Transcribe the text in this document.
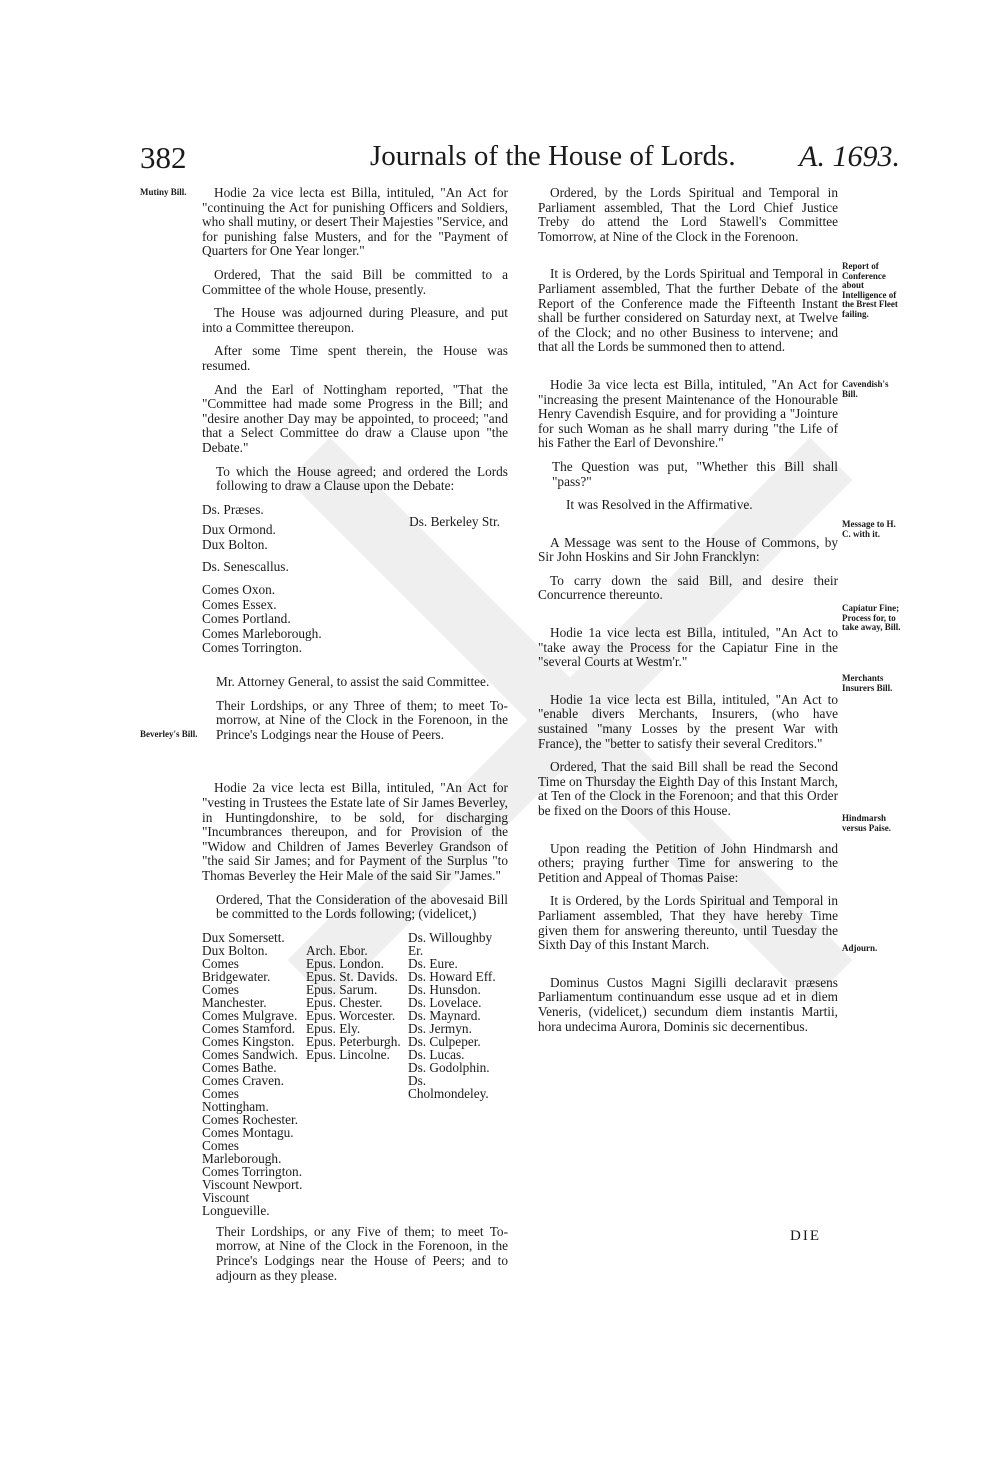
382	Journals of the House of Lords. A. 1693.
Mutiny Bill.
Beverley's Bill.
Report of Conference about Intelligence of the Brest Fleet failing.
Cavendish's Bill.
Message to H. C. with it.
Capiatur Fine; Process for, to take away, Bill.
Merchants Insurers Bill.
Hindmarsh versus Paise.
Adjourn.

Hodie 2a vice lecta est Billa, intituled, "An Act for "continuing the Act for punishing Officers and Soldiers, who shall mutiny, or desert Their Majesties "Service, and for punishing false Musters, and for the "Payment of Quarters for One Year longer."

Ordered, That the said Bill be committed to a Committee of the whole House, presently.

The House was adjourned during Pleasure, and put into a Committee thereupon.

After some Time spent therein, the House was resumed.

And the Earl of Nottingham reported, "That the "Committee had made some Progress in the Bill; and "desire another Day may be appointed, to proceed; "and that a Select Committee do draw a Clause upon "the Debate."

To which the House agreed; and ordered the Lords following to draw a Clause upon the Debate:

Ds. Præses.
Dux Ormond.
Dux Bolton.
Ds. Senescallus.
Comes Oxon.
Comes Essex.
Comes Portland.
Comes Marleborough.
Comes Torrington.
Ds. Berkeley Str.

Mr. Attorney General, to assist the said Committee.

Their Lordships, or any Three of them; to meet To-morrow, at Nine of the Clock in the Forenoon, in the Prince's Lodgings near the House of Peers.

Hodie 2a vice lecta est Billa, intituled, "An Act for "vesting in Trustees the Estate late of Sir James Beverley, in Huntingdonshire, to be sold, for discharging "Incumbrances thereupon, and for Provision of the "Widow and Children of James Beverley Grandson of "the said Sir James; and for Payment of the Surplus "to Thomas Beverley the Heir Male of the said Sir "James."

Ordered, That the Consideration of the abovesaid Bill be committed to the Lords following; (videlicet,)

Dux Somersett.
Dux Bolton.
Comes Bridgewater.
Comes Manchester.
Comes Mulgrave.
Comes Stamford.
Comes Kingston.
Comes Sandwich.
Comes Bathe.
Comes Craven.
Comes Nottingham.
Comes Rochester.
Comes Montagu.
Comes Marleborough.
Comes Torrington.
Viscount Newport.
Viscount Longueville.
Arch. Ebor.
Epus. London.
Epus. St. Davids.
Epus. Sarum.
Epus. Chester.
Epus. Worcester.
Epus. Ely.
Epus. Peterburgh.
Epus. Lincolne.
Ds. Willoughby Er.
Ds. Eure.
Ds. Howard Eff.
Ds. Hunsdon.
Ds. Lovelace.
Ds. Maynard.
Ds. Jermyn.
Ds. Culpeper.
Ds. Lucas.
Ds. Godolphin.
Ds. Cholmondeley.

Their Lordships, or any Five of them; to meet To-morrow, at Nine of the Clock in the Forenoon, in the Prince's Lodgings near the House of Peers; and to adjourn as they please.

Ordered, by the Lords Spiritual and Temporal in Parliament assembled, That the Lord Chief Justice Treby do attend the Lord Stawell's Committee Tomorrow, at Nine of the Clock in the Forenoon.

It is Ordered, by the Lords Spiritual and Temporal in Parliament assembled, That the further Debate of the Report of the Conference made the Fifteenth Instant shall be further considered on Saturday next, at Twelve of the Clock; and no other Business to intervene; and that all the Lords be summoned then to attend.

Hodie 3a vice lecta est Billa, intituled, "An Act for "increasing the present Maintenance of the Honourable Henry Cavendish Esquire, and for providing a "Jointure for such Woman as he shall marry during "the Life of his Father the Earl of Devonshire."

The Question was put, "Whether this Bill shall "pass?"

It was Resolved in the Affirmative.

A Message was sent to the House of Commons, by Sir John Hoskins and Sir John Francklyn:

To carry down the said Bill, and desire their Concurrence thereunto.

Hodie 1a vice lecta est Billa, intituled, "An Act to "take away the Process for the Capiatur Fine in the "several Courts at Westm'r."

Hodie 1a vice lecta est Billa, intituled, "An Act to "enable divers Merchants, Insurers, (who have sustained "many Losses by the present War with France), the "better to satisfy their several Creditors."

Ordered, That the said Bill shall be read the Second Time on Thursday the Eighth Day of this Instant March, at Ten of the Clock in the Forenoon; and that this Order be fixed on the Doors of this House.

Upon reading the Petition of John Hindmarsh and others; praying further Time for answering to the Petition and Appeal of Thomas Paise:

It is Ordered, by the Lords Spiritual and Temporal in Parliament assembled, That they have hereby Time given them for answering thereunto, until Tuesday the Sixth Day of this Instant March.

Dominus Custos Magni Sigilli declaravit præsens Parliamentum continuandum esse usque ad et in diem Veneris, (videlicet,) secundum diem instantis Martii, hora undecima Aurora, Dominis sic decernentibus.

DIE
